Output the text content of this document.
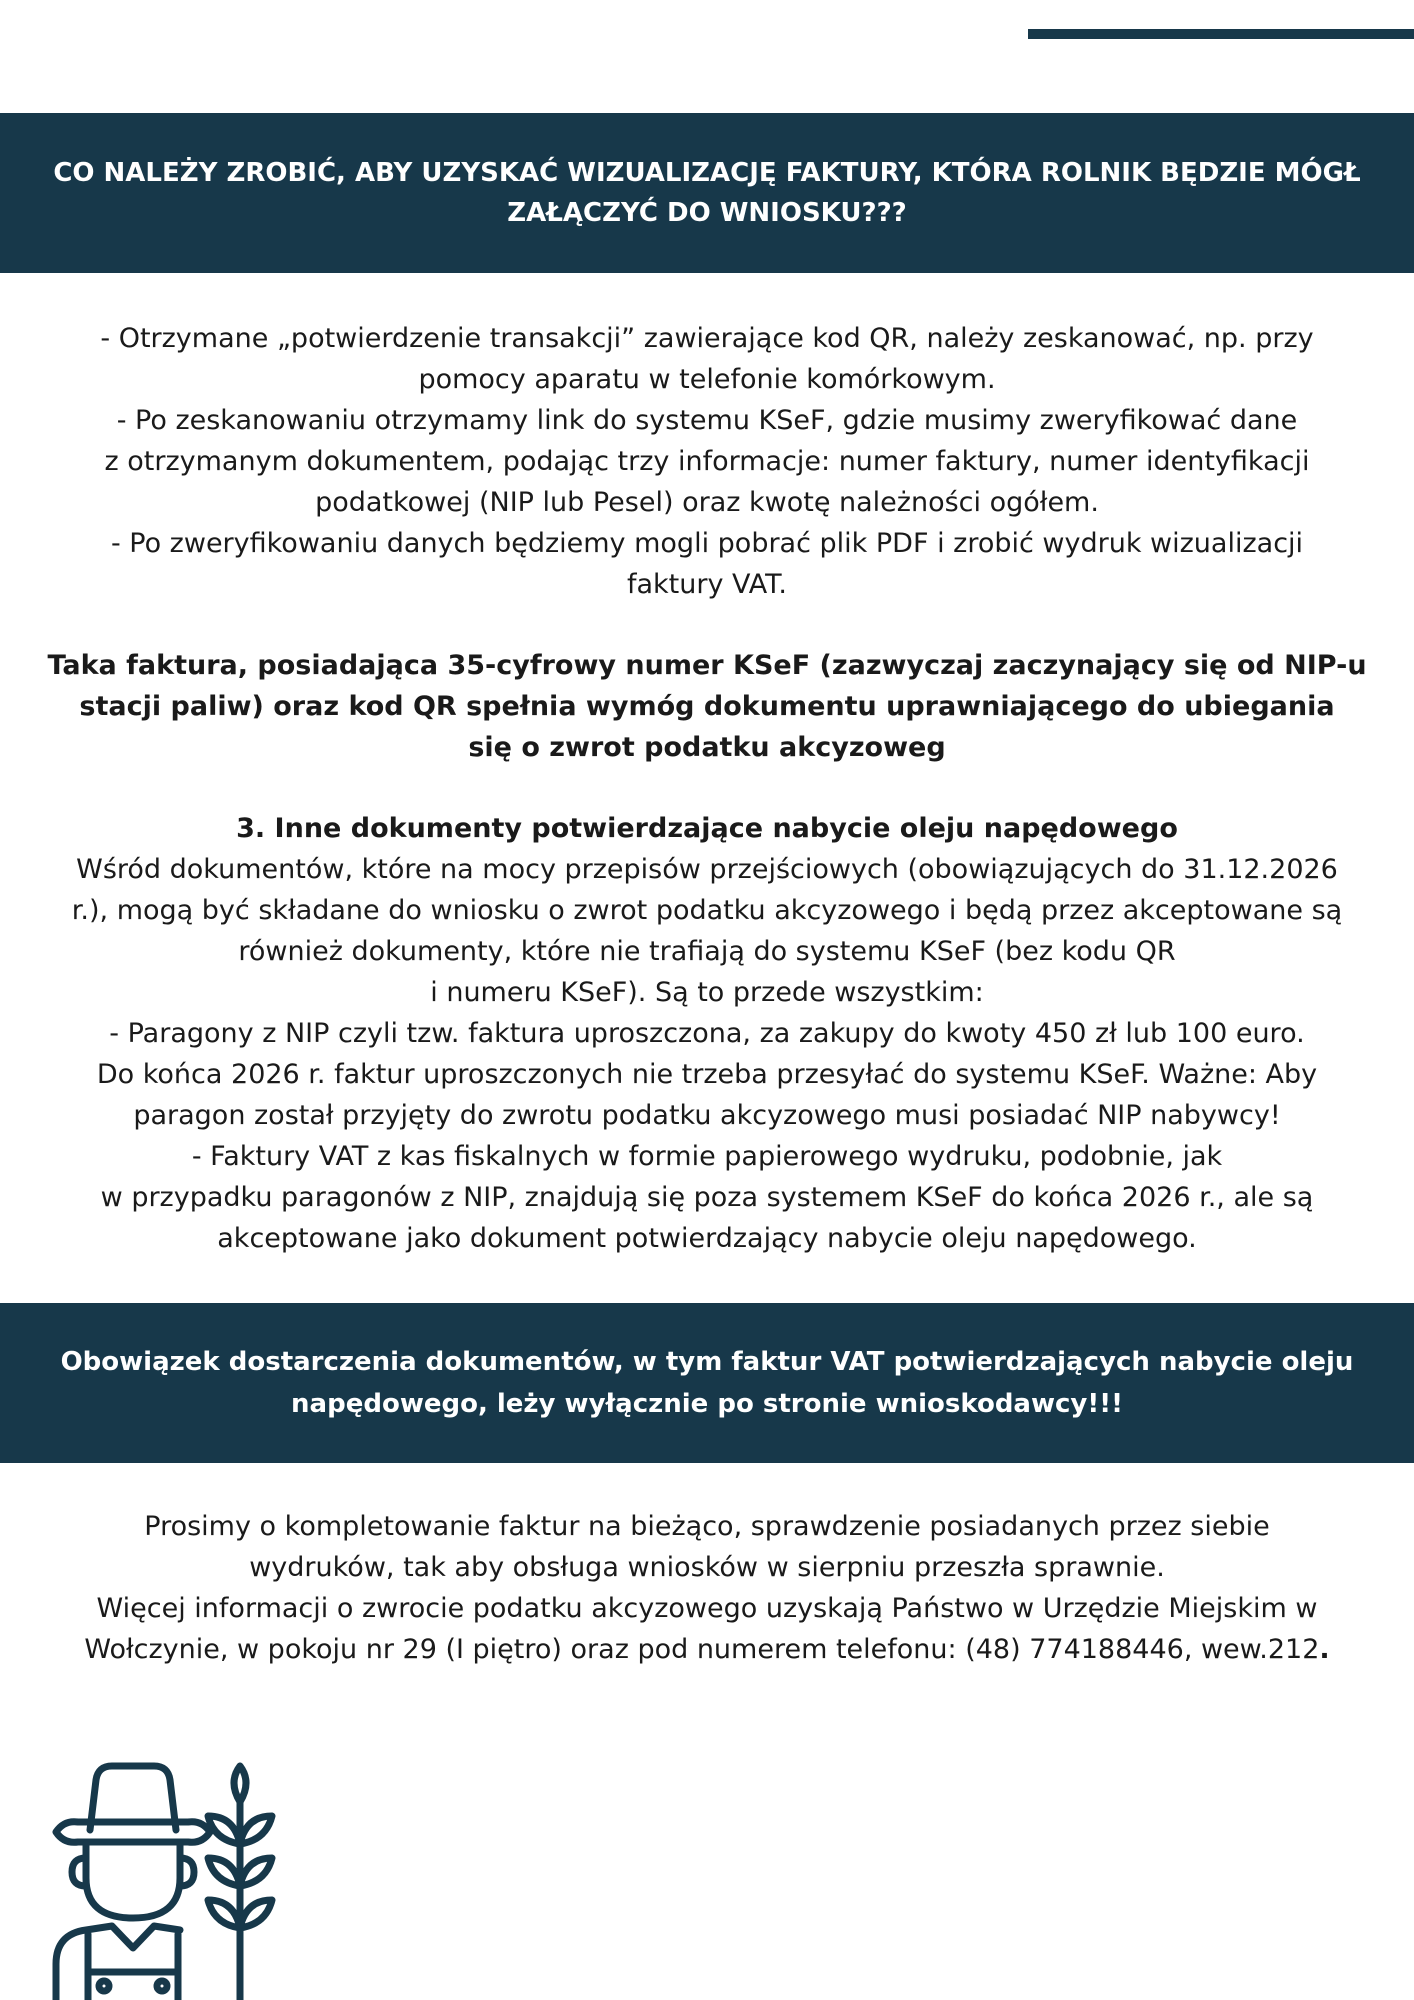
CO NALEŻY ZROBIĆ, ABY UZYSKAĆ WIZUALIZACJĘ FAKTURY, KTÓRA ROLNIK BĘDZIE MÓGŁ
ZAŁĄCZYĆ DO WNIOSKU???
- Otrzymane „potwierdzenie transakcji” zawierające kod QR, należy zeskanować, np. przy
pomocy aparatu w telefonie komórkowym.
- Po zeskanowaniu otrzymamy link do systemu KSeF, gdzie musimy zweryfikować dane
z otrzymanym dokumentem, podając trzy informacje: numer faktury, numer identyfikacji
podatkowej (NIP lub Pesel) oraz kwotę należności ogółem.
- Po zweryfikowaniu danych będziemy mogli pobrać plik PDF i zrobić wydruk wizualizacji
faktury VAT.
Taka faktura, posiadająca 35-cyfrowy numer KSeF (zazwyczaj zaczynający się od NIP-u
stacji paliw) oraz kod QR spełnia wymóg dokumentu uprawniającego do ubiegania
się o zwrot podatku akcyzoweg
3. Inne dokumenty potwierdzające nabycie oleju napędowego
Wśród dokumentów, które na mocy przepisów przejściowych (obowiązujących do 31.12.2026
r.), mogą być składane do wniosku o zwrot podatku akcyzowego i będą przez akceptowane są
również dokumenty, które nie trafiają do systemu KSeF (bez kodu QR
i numeru KSeF). Są to przede wszystkim:
- Paragony z NIP czyli tzw. faktura uproszczona, za zakupy do kwoty 450 zł lub 100 euro.
Do końca 2026 r. faktur uproszczonych nie trzeba przesyłać do systemu KSeF. Ważne: Aby
paragon został przyjęty do zwrotu podatku akcyzowego musi posiadać NIP nabywcy!
- Faktury VAT z kas fiskalnych w formie papierowego wydruku, podobnie, jak
w przypadku paragonów z NIP, znajdują się poza systemem KSeF do końca 2026 r., ale są
akceptowane jako dokument potwierdzający nabycie oleju napędowego.
Obowiązek dostarczenia dokumentów, w tym faktur VAT potwierdzających nabycie oleju
napędowego, leży wyłącznie po stronie wnioskodawcy!!!
Prosimy o kompletowanie faktur na bieżąco, sprawdzenie posiadanych przez siebie
wydruków, tak aby obsługa wniosków w sierpniu przeszła sprawnie.
Więcej informacji o zwrocie podatku akcyzowego uzyskają Państwo w Urzędzie Miejskim w
Wołczynie, w pokoju nr 29 (I piętro) oraz pod numerem telefonu: (48) 774188446, wew.212.
